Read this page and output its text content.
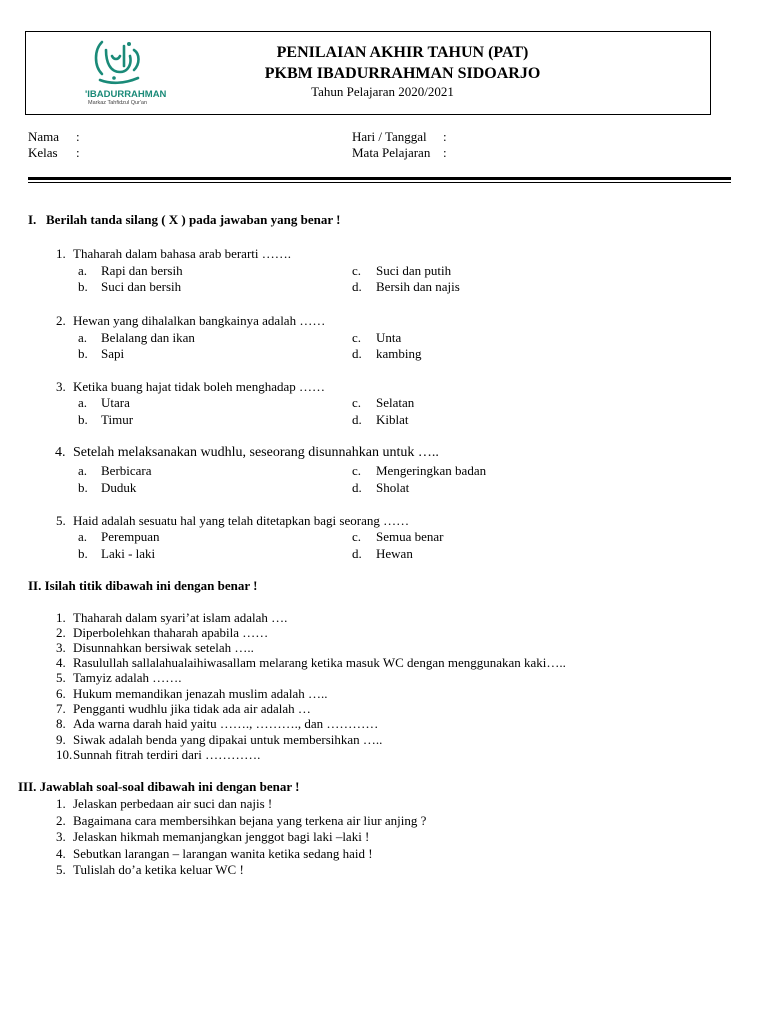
'IBADURRAHMAN
Markaz Tahfidzul Qur'an
PENILAIAN AKHIR TAHUN (PAT)
PKBM IBADURRAHMAN SIDOARJO
Tahun Pelajaran 2020/2021
Nama :
Kelas :
Hari / Tanggal :
Mata Pelajaran :
I. Berilah tanda silang ( X ) pada jawaban yang benar !
1. Thaharah dalam bahasa arab berarti …….
a. Rapi dan bersih
b. Suci dan bersih
c. Suci dan putih
d. Bersih dan najis
2. Hewan yang dihalalkan bangkainya adalah ……
a. Belalang dan ikan
b. Sapi
c. Unta
d. kambing
3. Ketika buang hajat tidak boleh menghadap ……
a. Utara
b. Timur
c. Selatan
d. Kiblat
4. Setelah melaksanakan wudhlu, seseorang disunnahkan untuk …..
a. Berbicara
b. Duduk
c. Mengeringkan badan
d. Sholat
5. Haid adalah sesuatu hal yang telah ditetapkan bagi seorang ……
a. Perempuan
b. Laki - laki
c. Semua benar
d. Hewan
II. Isilah titik dibawah ini dengan benar !
1. Thaharah dalam syari’at islam adalah ….
2. Diperbolehkan thaharah apabila ……
3. Disunnahkan bersiwak setelah …..
4. Rasulullah sallalahualaihiwasallam melarang ketika masuk WC dengan menggunakan kaki…..
5. Tamyiz adalah …….
6. Hukum memandikan jenazah muslim adalah …..
7. Pengganti wudhlu jika tidak ada air adalah …
8. Ada warna darah haid yaitu ……., ………., dan …………
9. Siwak adalah benda yang dipakai untuk membersihkan …..
10. Sunnah fitrah terdiri dari ………….
III. Jawablah soal-soal dibawah ini dengan benar !
1. Jelaskan perbedaan air suci dan najis !
2. Bagaimana cara membersihkan bejana yang terkena air liur anjing ?
3. Jelaskan hikmah memanjangkan jenggot bagi laki –laki !
4. Sebutkan larangan – larangan wanita ketika sedang haid !
5. Tulislah do’a ketika keluar WC !
